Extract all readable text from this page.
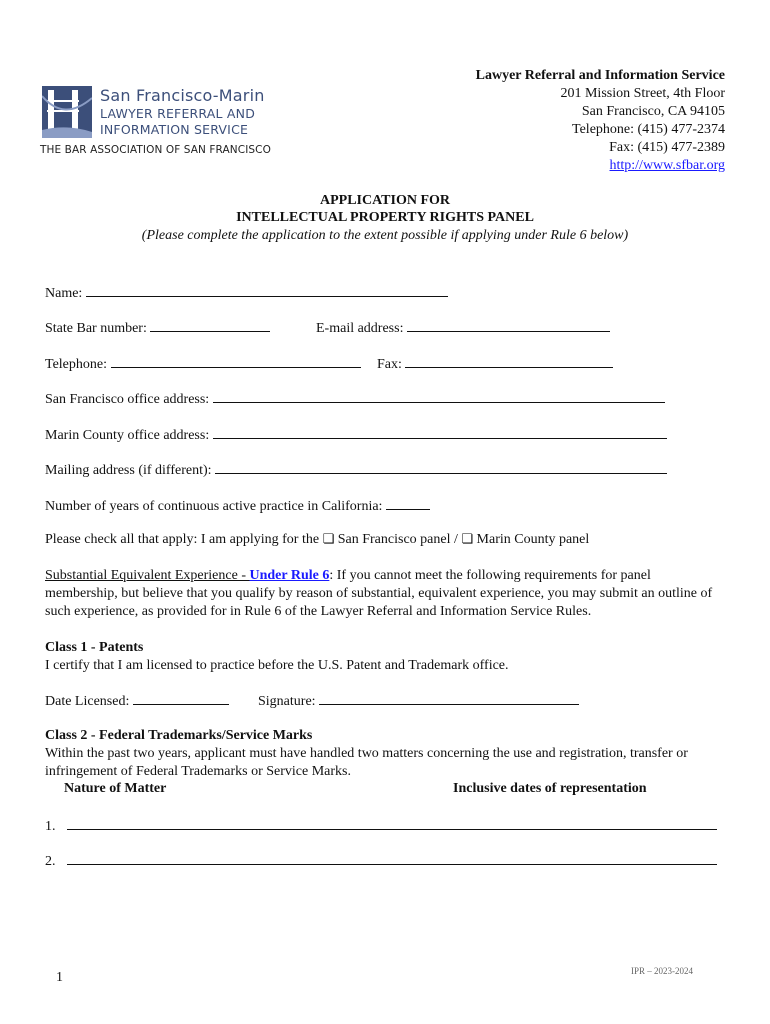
San Francisco-Marin
LAWYER REFERRAL AND
INFORMATION SERVICE
THE BAR ASSOCIATION OF SAN FRANCISCO
Lawyer Referral and Information Service
201 Mission Street, 4th Floor
San Francisco, CA 94105
Telephone: (415) 477-2374
Fax: (415) 477-2389
http://www.sfbar.org
APPLICATION FOR
INTELLECTUAL PROPERTY RIGHTS PANEL
(Please complete the application to the extent possible if applying under Rule 6 below)
Name:
State Bar number:	E-mail address:
Telephone:	Fax:
San Francisco office address:
Marin County office address:
Mailing address (if different):
Number of years of continuous active practice in California:
Please check all that apply: I am applying for the ❏ San Francisco panel / ❏ Marin County panel
Substantial Equivalent Experience - Under Rule 6: If you cannot meet the following requirements for panel membership, but believe that you qualify by reason of substantial, equivalent experience, you may submit an outline of such experience, as provided for in Rule 6 of the Lawyer Referral and Information Service Rules.
Class 1 - Patents
I certify that I am licensed to practice before the U.S. Patent and Trademark office.
Date Licensed:	Signature:
Class 2 - Federal Trademarks/Service Marks
Within the past two years, applicant must have handled two matters concerning the use and registration, transfer or infringement of Federal Trademarks or Service Marks.
Nature of Matter	Inclusive dates of representation
1.
2.
1	IPR – 2023-2024
